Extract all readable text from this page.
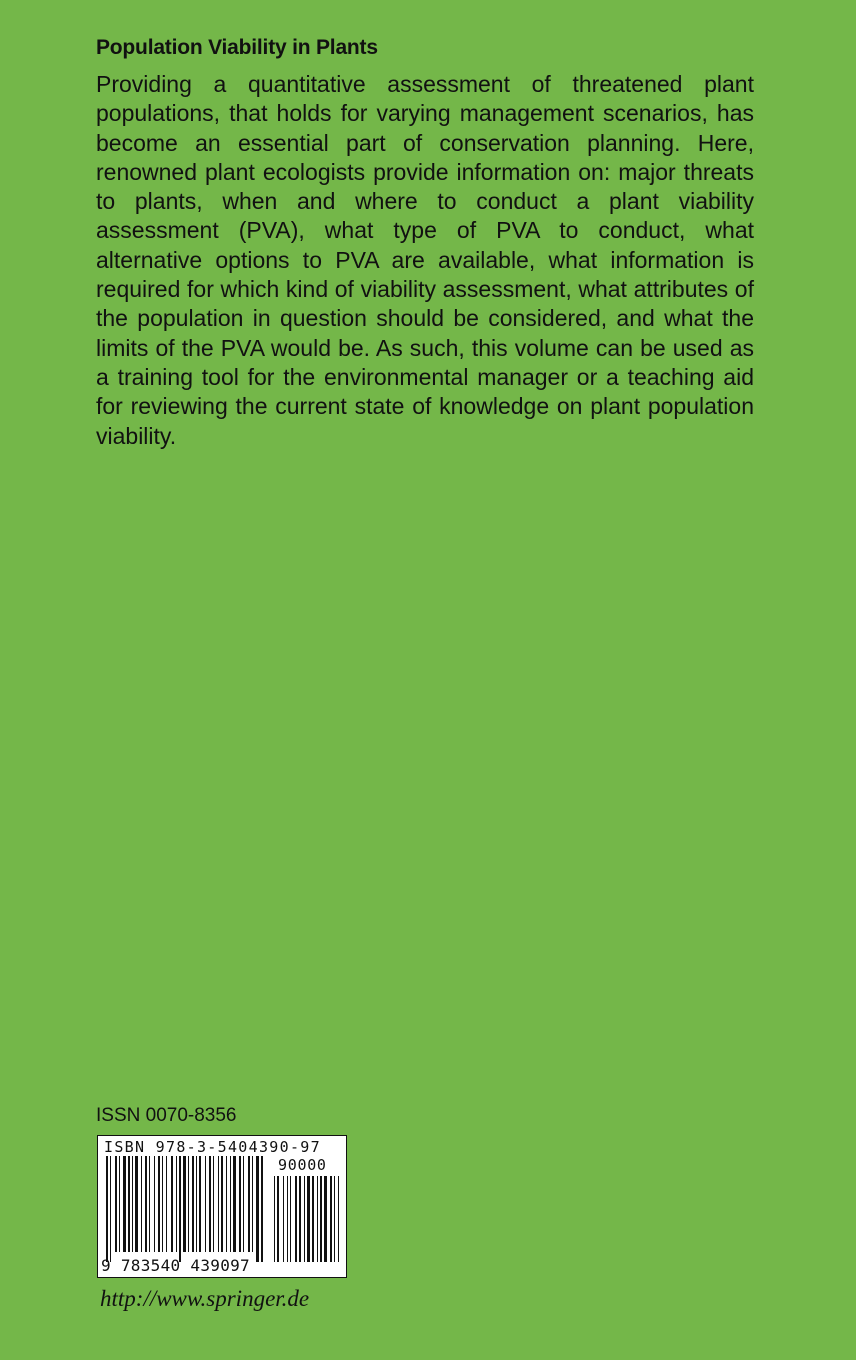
Population Viability in Plants

Providing a quantitative assessment of threatened plant populations, that holds for varying management scenarios, has become an essential part of conservation planning. Here, renowned plant ecologists provide information on: major threats to plants, when and where to conduct a plant viability assessment (PVA), what type of PVA to conduct, what alternative options to PVA are available, what information is required for which kind of viability assessment, what attributes of the population in question should be considered, and what the limits of the PVA would be. As such, this volume can be used as a training tool for the environmental manager or a teaching aid for reviewing the current state of knowledge on plant population viability.

ISSN 0070-8356
ISBN 978-3-5404390-97
90000
9 783540 439097
http://www.springer.de
